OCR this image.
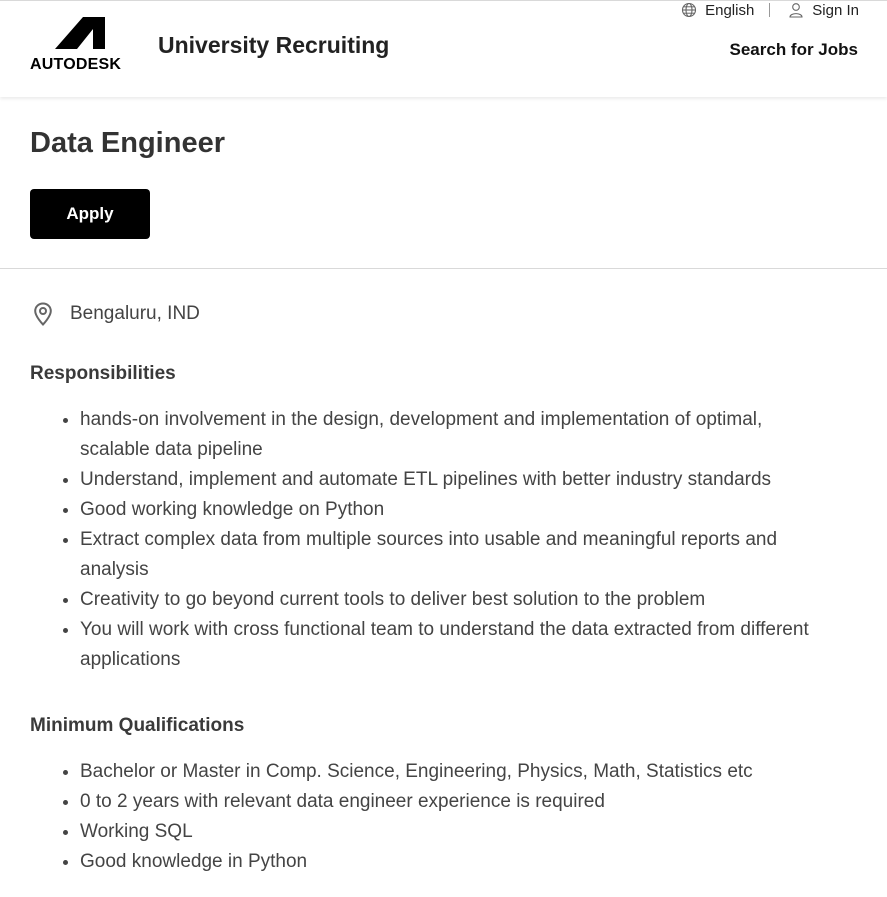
AUTODESK
University Recruiting
English	Sign In
Search for Jobs
Data Engineer
Apply
Bengaluru, IND
Responsibilities
hands-on involvement in the design, development and implementation of optimal, scalable data pipeline
Understand, implement and automate ETL pipelines with better industry standards
Good working knowledge on Python
Extract complex data from multiple sources into usable and meaningful reports and analysis
Creativity to go beyond current tools to deliver best solution to the problem
You will work with cross functional team to understand the data extracted from different applications
Minimum Qualifications
Bachelor or Master in Comp. Science, Engineering, Physics, Math, Statistics etc
0 to 2 years with relevant data engineer experience is required
Working SQL
Good knowledge in Python
